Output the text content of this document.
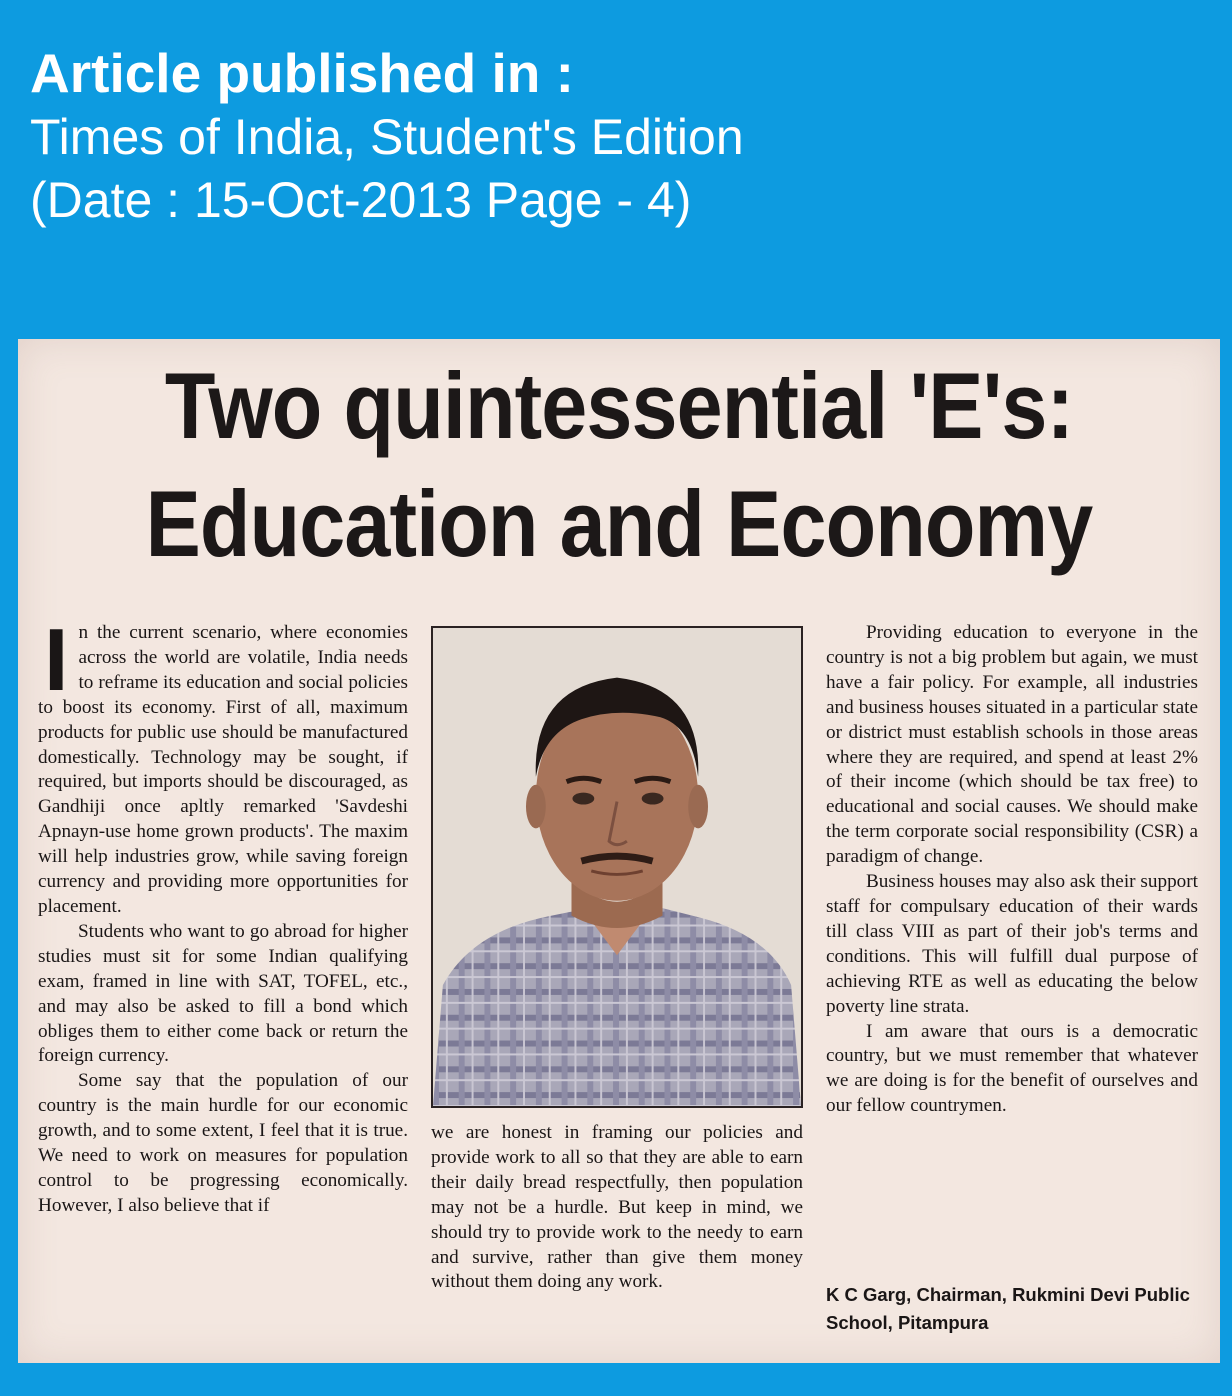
Article published in :
Times of India, Student's Edition
(Date : 15-Oct-2013 Page - 4)
Two quintessential 'E's:
Education and Economy

In the current scenario, where economies across the world are volatile, India needs to reframe its education and social policies to boost its economy. First of all, maximum products for public use should be manufactured domestically. Technology may be sought, if required, but imports should be discouraged, as Gandhiji once apltly remarked 'Savdeshi Apnayn-use home grown products'. The maxim will help industries grow, while saving foreign currency and providing more opportunities for placement.

Students who want to go abroad for higher studies must sit for some Indian qualifying exam, framed in line with SAT, TOFEL, etc., and may also be asked to fill a bond which obliges them to either come back or return the foreign currency.

Some say that the population of our country is the main hurdle for our economic growth, and to some extent, I feel that it is true. We need to work on measures for population control to be progressing economically. However, I also believe that if

we are honest in framing our policies and provide work to all so that they are able to earn their daily bread respectfully, then population may not be a hurdle. But keep in mind, we should try to provide work to the needy to earn and survive, rather than give them money without them doing any work.

Providing education to everyone in the country is not a big problem but again, we must have a fair policy. For example, all industries and business houses situated in a particular state or district must establish schools in those areas where they are required, and spend at least 2% of their income (which should be tax free) to educational and social causes. We should make the term corporate social responsibility (CSR) a paradigm of change.

Business houses may also ask their support staff for compulsary education of their wards till class VIII as part of their job's terms and conditions. This will fulfill dual purpose of achieving RTE as well as educating the below poverty line strata.

I am aware that ours is a democratic country, but we must remember that whatever we are doing is for the benefit of ourselves and our fellow countrymen.

K C Garg, Chairman, Rukmini Devi Public
School, Pitampura
